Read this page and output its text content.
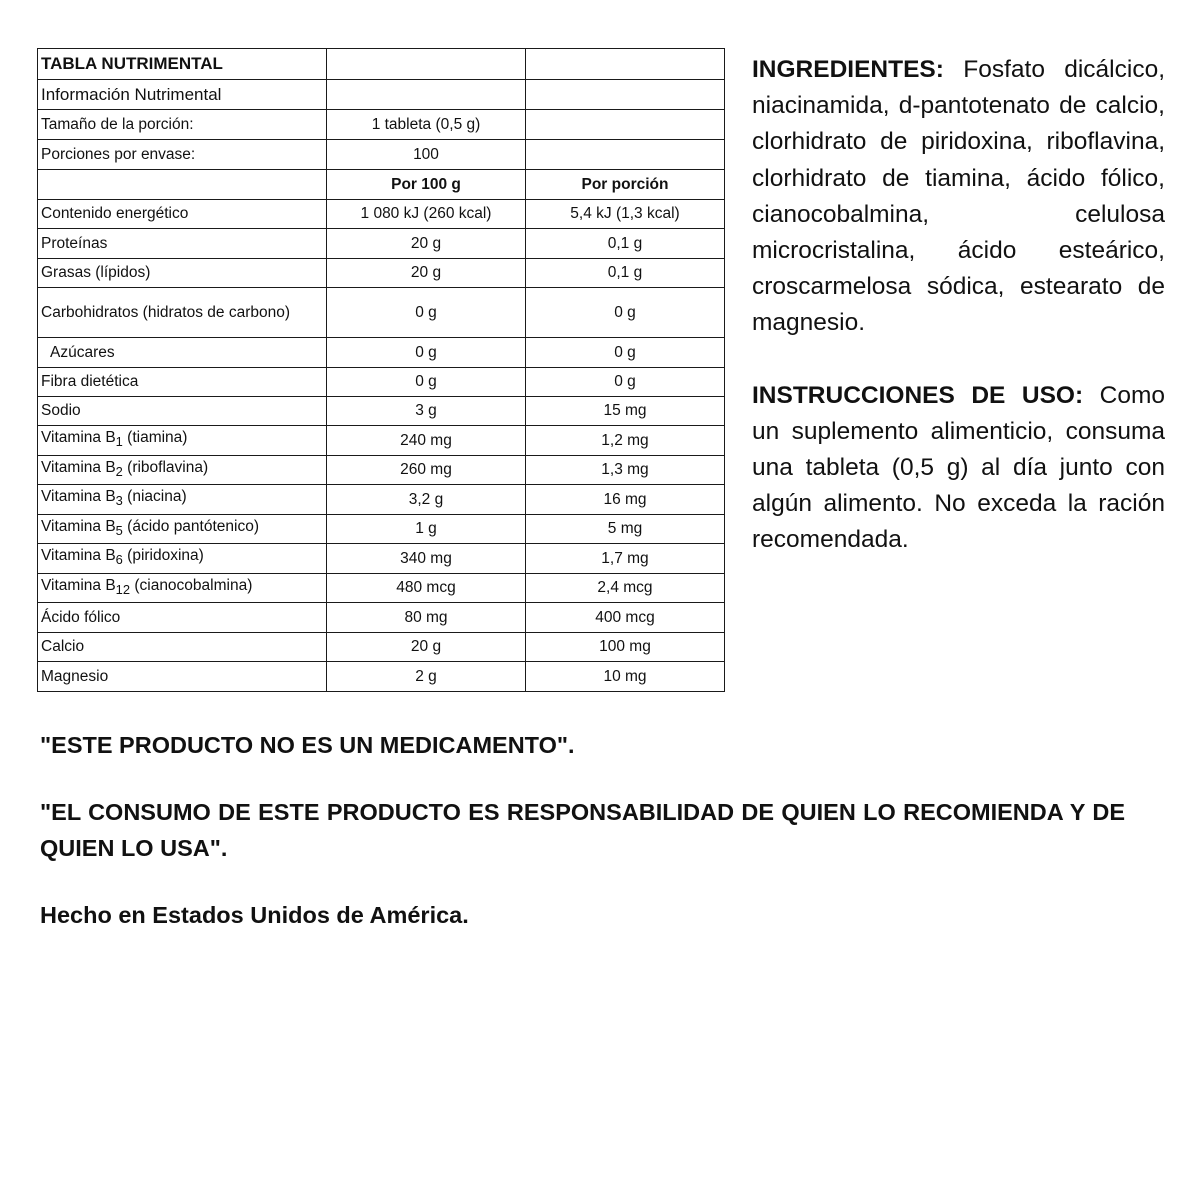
TABLA NUTRIMENTAL		
Información Nutrimental		
Tamaño de la porción:	1 tableta (0,5 g)	
Porciones por envase:	100	
	Por 100 g	Por porción
Contenido energético	1 080 kJ (260 kcal)	5,4 kJ (1,3 kcal)
Proteínas	20 g	0,1 g
Grasas (lípidos)	20 g	0,1 g
Carbohidratos (hidratos de carbono)	0 g	0 g
Azúcares	0 g	0 g
Fibra dietética	0 g	0 g
Sodio	3 g	15 mg
Vitamina $B_1$ (tiamina)	240 mg	1,2 mg
Vitamina $B_2$ (riboflavina)	260 mg	1,3 mg
Vitamina $B_3$ (niacina)	3,2 g	16 mg
Vitamina $B_5$ (ácido pantótenico)	1 g	5 mg
Vitamina $B_6$ (piridoxina)	340 mg	1,7 mg
Vitamina $B_{12}$ (cianocobalmina)	480 mcg	2,4 mcg
Ácido fólico	80 mg	400 mcg
Calcio	20 g	100 mg
Magnesio	2 g	10 mg

INGREDIENTES: Fosfato dicálcico, niacinamida, d-pantotenato de calcio, clorhidrato de piridoxina, riboflavina, clorhidrato de tiamina, ácido fólico, cianocobalmina, celulosa microcristalina, ácido esteárico, croscarmelosa sódica, estearato de magnesio.

INSTRUCCIONES DE USO: Como un suplemento alimenticio, consuma una tableta (0,5 g) al día junto con algún alimento. No exceda la ración recomendada.

"ESTE PRODUCTO NO ES UN MEDICAMENTO".

"EL CONSUMO DE ESTE PRODUCTO ES RESPONSABILIDAD DE QUIEN LO RECOMIENDA Y DE QUIEN LO USA".

Hecho en Estados Unidos de América.
